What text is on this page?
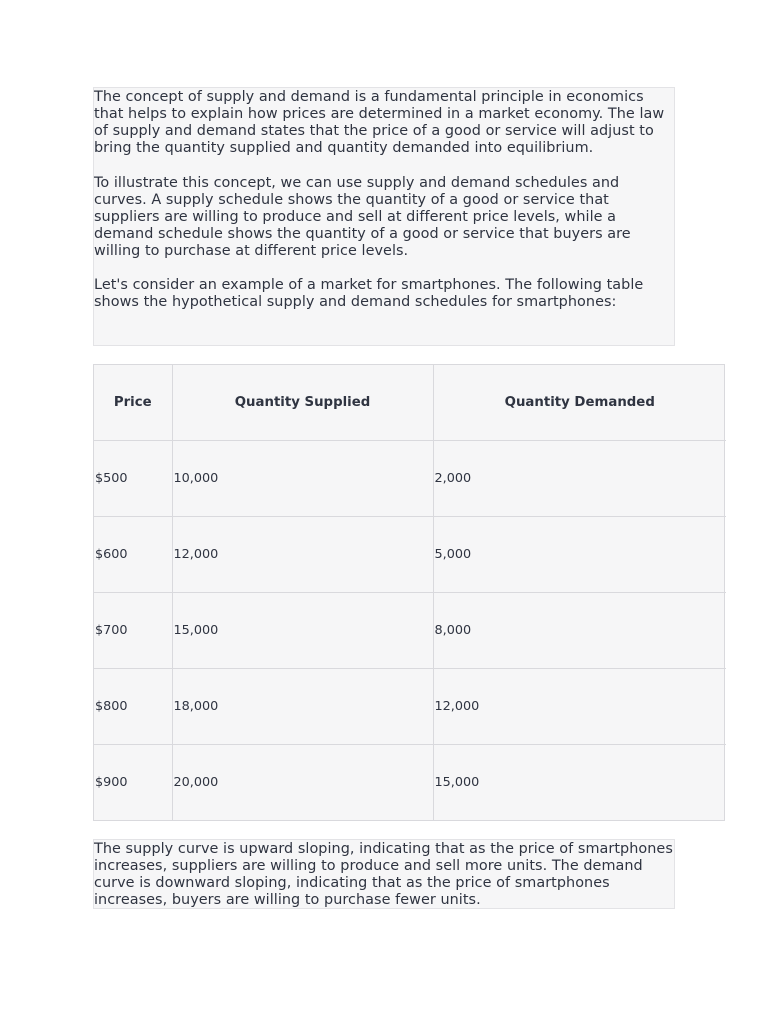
The concept of supply and demand is a fundamental principle in economics that helps to explain how prices are determined in a market economy. The law of supply and demand states that the price of a good or service will adjust to bring the quantity supplied and quantity demanded into equilibrium.

To illustrate this concept, we can use supply and demand schedules and curves. A supply schedule shows the quantity of a good or service that suppliers are willing to produce and sell at different price levels, while a demand schedule shows the quantity of a good or service that buyers are willing to purchase at different price levels.

Let's consider an example of a market for smartphones. The following table shows the hypothetical supply and demand schedules for smartphones:

Price	Quantity Supplied	Quantity Demanded
$500	10,000	2,000
$600	12,000	5,000
$700	15,000	8,000
$800	18,000	12,000
$900	20,000	15,000

The supply curve is upward sloping, indicating that as the price of smartphones increases, suppliers are willing to produce and sell more units. The demand curve is downward sloping, indicating that as the price of smartphones increases, buyers are willing to purchase fewer units.
